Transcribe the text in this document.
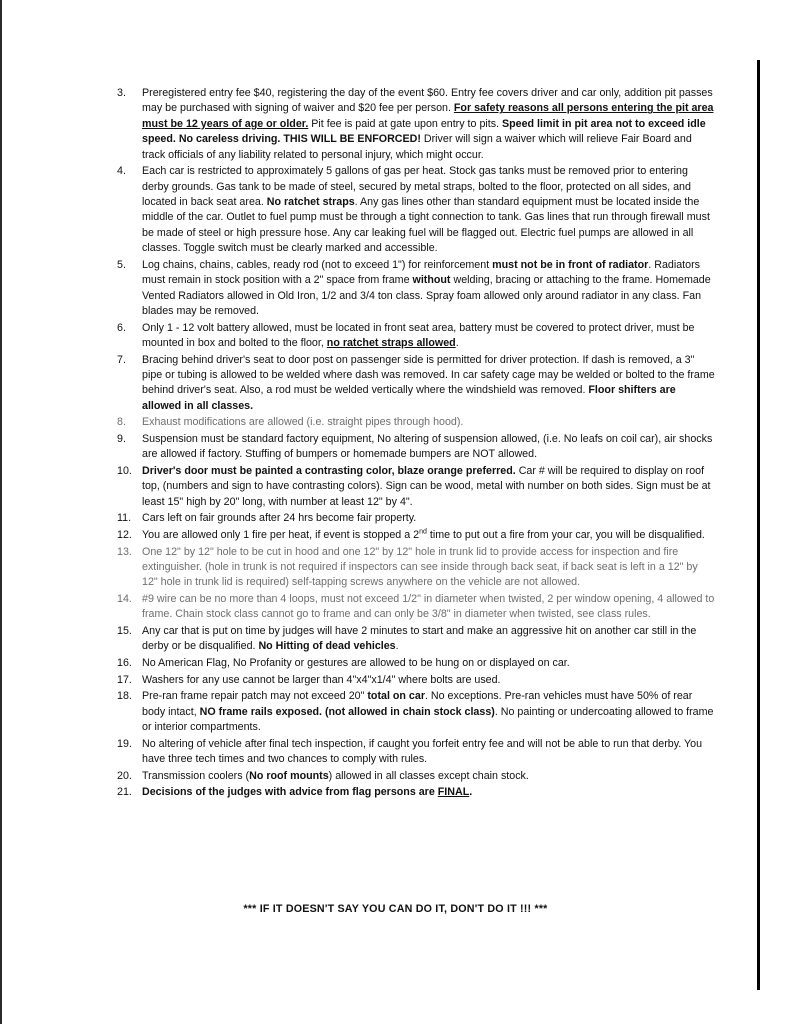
3. Preregistered entry fee $40, registering the day of the event $60. Entry fee covers driver and car only, addition pit passes may be purchased with signing of waiver and $20 fee per person. For safety reasons all persons entering the pit area must be 12 years of age or older. Pit fee is paid at gate upon entry to pits. Speed limit in pit area not to exceed idle speed. No careless driving. THIS WILL BE ENFORCED! Driver will sign a waiver which will relieve Fair Board and track officials of any liability related to personal injury, which might occur.
4. Each car is restricted to approximately 5 gallons of gas per heat. Stock gas tanks must be removed prior to entering derby grounds. Gas tank to be made of steel, secured by metal straps, bolted to the floor, protected on all sides, and located in back seat area. No ratchet straps. Any gas lines other than standard equipment must be located inside the middle of the car. Outlet to fuel pump must be through a tight connection to tank. Gas lines that run through firewall must be made of steel or high pressure hose. Any car leaking fuel will be flagged out. Electric fuel pumps are allowed in all classes. Toggle switch must be clearly marked and accessible.
5. Log chains, chains, cables, ready rod (not to exceed 1") for reinforcement must not be in front of radiator. Radiators must remain in stock position with a 2" space from frame without welding, bracing or attaching to the frame. Homemade Vented Radiators allowed in Old Iron, 1/2 and 3/4 ton class. Spray foam allowed only around radiator in any class. Fan blades may be removed.
6. Only 1 - 12 volt battery allowed, must be located in front seat area, battery must be covered to protect driver, must be mounted in box and bolted to the floor, no ratchet straps allowed.
7. Bracing behind driver's seat to door post on passenger side is permitted for driver protection. If dash is removed, a 3" pipe or tubing is allowed to be welded where dash was removed. In car safety cage may be welded or bolted to the frame behind driver's seat. Also, a rod must be welded vertically where the windshield was removed. Floor shifters are allowed in all classes.
8. Exhaust modifications are allowed (i.e. straight pipes through hood).
9. Suspension must be standard factory equipment, No altering of suspension allowed, (i.e. No leafs on coil car), air shocks are allowed if factory. Stuffing of bumpers or homemade bumpers are NOT allowed.
10. Driver's door must be painted a contrasting color, blaze orange preferred. Car # will be required to display on roof top, (numbers and sign to have contrasting colors). Sign can be wood, metal with number on both sides. Sign must be at least 15" high by 20" long, with number at least 12" by 4".
11. Cars left on fair grounds after 24 hrs become fair property.
12. You are allowed only 1 fire per heat, if event is stopped a 2nd time to put out a fire from your car, you will be disqualified.
13. One 12" by 12" hole to be cut in hood and one 12" by 12" hole in trunk lid to provide access for inspection and fire extinguisher. (hole in trunk is not required if inspectors can see inside through back seat, if back seat is left in a 12" by 12" hole in trunk lid is required) self-tapping screws anywhere on the vehicle are not allowed.
14. #9 wire can be no more than 4 loops, must not exceed 1/2" in diameter when twisted, 2 per window opening, 4 allowed to frame. Chain stock class cannot go to frame and can only be 3/8" in diameter when twisted, see class rules.
15. Any car that is put on time by judges will have 2 minutes to start and make an aggressive hit on another car still in the derby or be disqualified. No Hitting of dead vehicles.
16. No American Flag, No Profanity or gestures are allowed to be hung on or displayed on car.
17. Washers for any use cannot be larger than 4"x4"x1/4" where bolts are used.
18. Pre-ran frame repair patch may not exceed 20" total on car. No exceptions. Pre-ran vehicles must have 50% of rear body intact, NO frame rails exposed. (not allowed in chain stock class). No painting or undercoating allowed to frame or interior compartments.
19. No altering of vehicle after final tech inspection, if caught you forfeit entry fee and will not be able to run that derby. You have three tech times and two chances to comply with rules.
20. Transmission coolers (No roof mounts) allowed in all classes except chain stock.
21. Decisions of the judges with advice from flag persons are FINAL.
*** IF IT DOESN'T SAY YOU CAN DO IT, DON'T DO IT !!! ***
